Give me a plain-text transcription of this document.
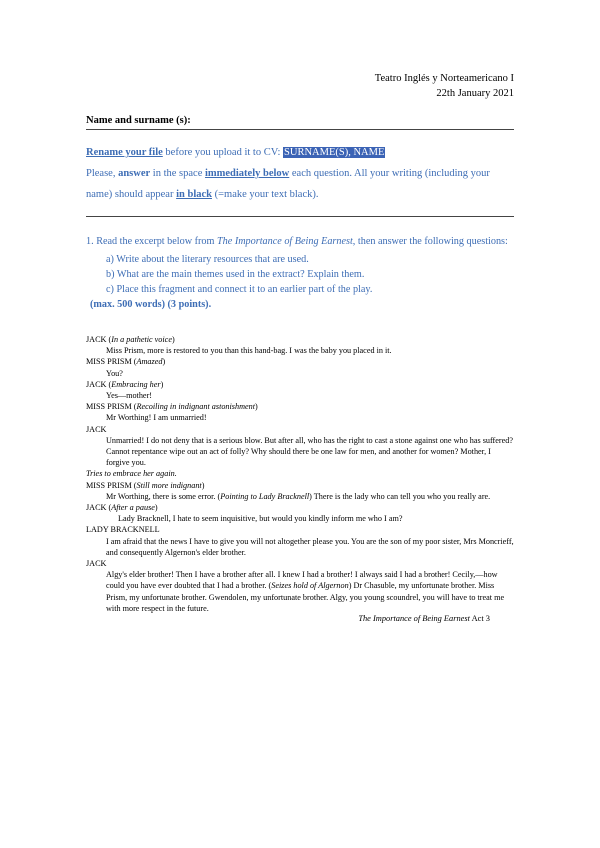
Teatro Inglés y Norteamericano I
22th January 2021
Name and surname (s):
Rename your file before you upload it to CV: SURNAME(S), NAME
Please, answer in the space immediately below each question. All your writing (including your name) should appear in black (=make your text black).
1. Read the excerpt below from The Importance of Being Earnest, then answer the following questions:
a) Write about the literary resources that are used.
b) What are the main themes used in the extract? Explain them.
c) Place this fragment and connect it to an earlier part of the play.
(max. 500 words) (3 points).

JACK (In a pathetic voice)

Miss Prism, more is restored to you than this hand-bag. I was the baby you placed in it.

MISS PRISM (Amazed)

You?

JACK (Embracing her)

Yes—mother!

MISS PRISM (Recoiling in indignant astonishment)

Mr Worthing! I am unmarried!

JACK

Unmarried! I do not deny that is a serious blow. But after all, who has the right to cast a stone against one who has suffered? Cannot repentance wipe out an act of folly? Why should there be one law for men, and another for women? Mother, I forgive you.

Tries to embrace her again.

MISS PRISM (Still more indignant)

Mr Worthing, there is some error. (Pointing to Lady Bracknell) There is the lady who can tell you who you really are.

JACK (After a pause)

Lady Bracknell, I hate to seem inquisitive, but would you kindly inform me who I am?

LADY BRACKNELL

I am afraid that the news I have to give you will not altogether please you. You are the son of my poor sister, Mrs Moncrieff, and consequently Algernon's elder brother.

JACK

Algy's elder brother! Then I have a brother after all. I knew I had a brother! I always said I had a brother! Cecily,—how could you have ever doubted that I had a brother. (Seizes hold of Algernon) Dr Chasuble, my unfortunate brother. Miss Prism, my unfortunate brother. Gwendolen, my unfortunate brother. Algy, you young scoundrel, you will have to treat me with more respect in the future.

The Importance of Being Earnest Act 3
